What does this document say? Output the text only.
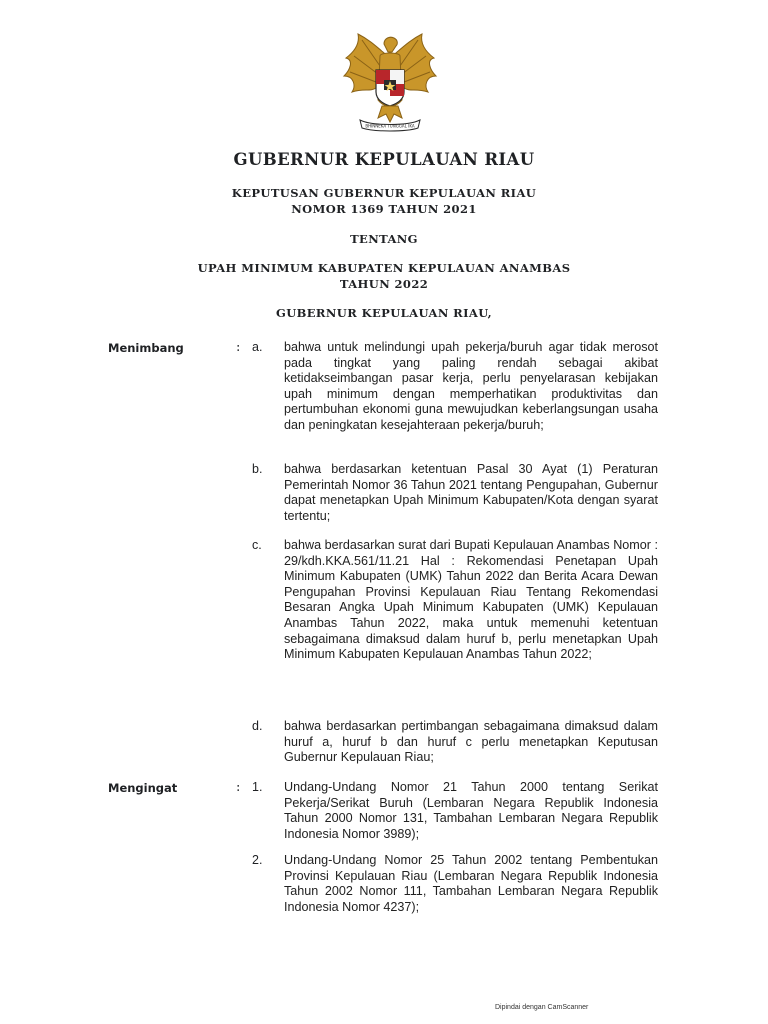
BHINNEKA TUNGGAL IKA
GUBERNUR KEPULAUAN RIAU
KEPUTUSAN GUBERNUR KEPULAUAN RIAU
NOMOR 1369 TAHUN 2021
TENTANG
UPAH MINIMUM KABUPATEN KEPULAUAN ANAMBAS
TAHUN 2022
GUBERNUR KEPULAUAN RIAU,
Menimbang	: a. bahwa untuk melindungi upah pekerja/buruh agar tidak merosot pada tingkat yang paling rendah sebagai akibat ketidakseimbangan pasar kerja, perlu penyelarasan kebijakan upah minimum dengan memperhatikan produktivitas dan pertumbuhan ekonomi guna mewujudkan keberlangsungan usaha dan peningkatan kesejahteraan pekerja/buruh;
b. bahwa berdasarkan ketentuan Pasal 30 Ayat (1) Peraturan Pemerintah Nomor 36 Tahun 2021 tentang Pengupahan, Gubernur dapat menetapkan Upah Minimum Kabupaten/Kota dengan syarat tertentu;
c. bahwa berdasarkan surat dari Bupati Kepulauan Anambas Nomor : 29/kdh.KKA.561/11.21 Hal : Rekomendasi Penetapan Upah Minimum Kabupaten (UMK) Tahun 2022 dan Berita Acara Dewan Pengupahan Provinsi Kepulauan Riau Tentang Rekomendasi Besaran Angka Upah Minimum Kabupaten (UMK) Kepulauan Anambas Tahun 2022, maka untuk memenuhi ketentuan sebagaimana dimaksud dalam huruf b, perlu menetapkan Upah Minimum Kabupaten Kepulauan Anambas Tahun 2022;
d. bahwa berdasarkan pertimbangan sebagaimana dimaksud dalam huruf a, huruf b dan huruf c perlu menetapkan Keputusan Gubernur Kepulauan Riau;
Mengingat	: 1. Undang-Undang Nomor 21 Tahun 2000 tentang Serikat Pekerja/Serikat Buruh (Lembaran Negara Republik Indonesia Tahun 2000 Nomor 131, Tambahan Lembaran Negara Republik Indonesia Nomor 3989);
2. Undang-Undang Nomor 25 Tahun 2002 tentang Pembentukan Provinsi Kepulauan Riau (Lembaran Negara Republik Indonesia Tahun 2002 Nomor 111, Tambahan Lembaran Negara Republik Indonesia Nomor 4237);
Dipindai dengan CamScanner
